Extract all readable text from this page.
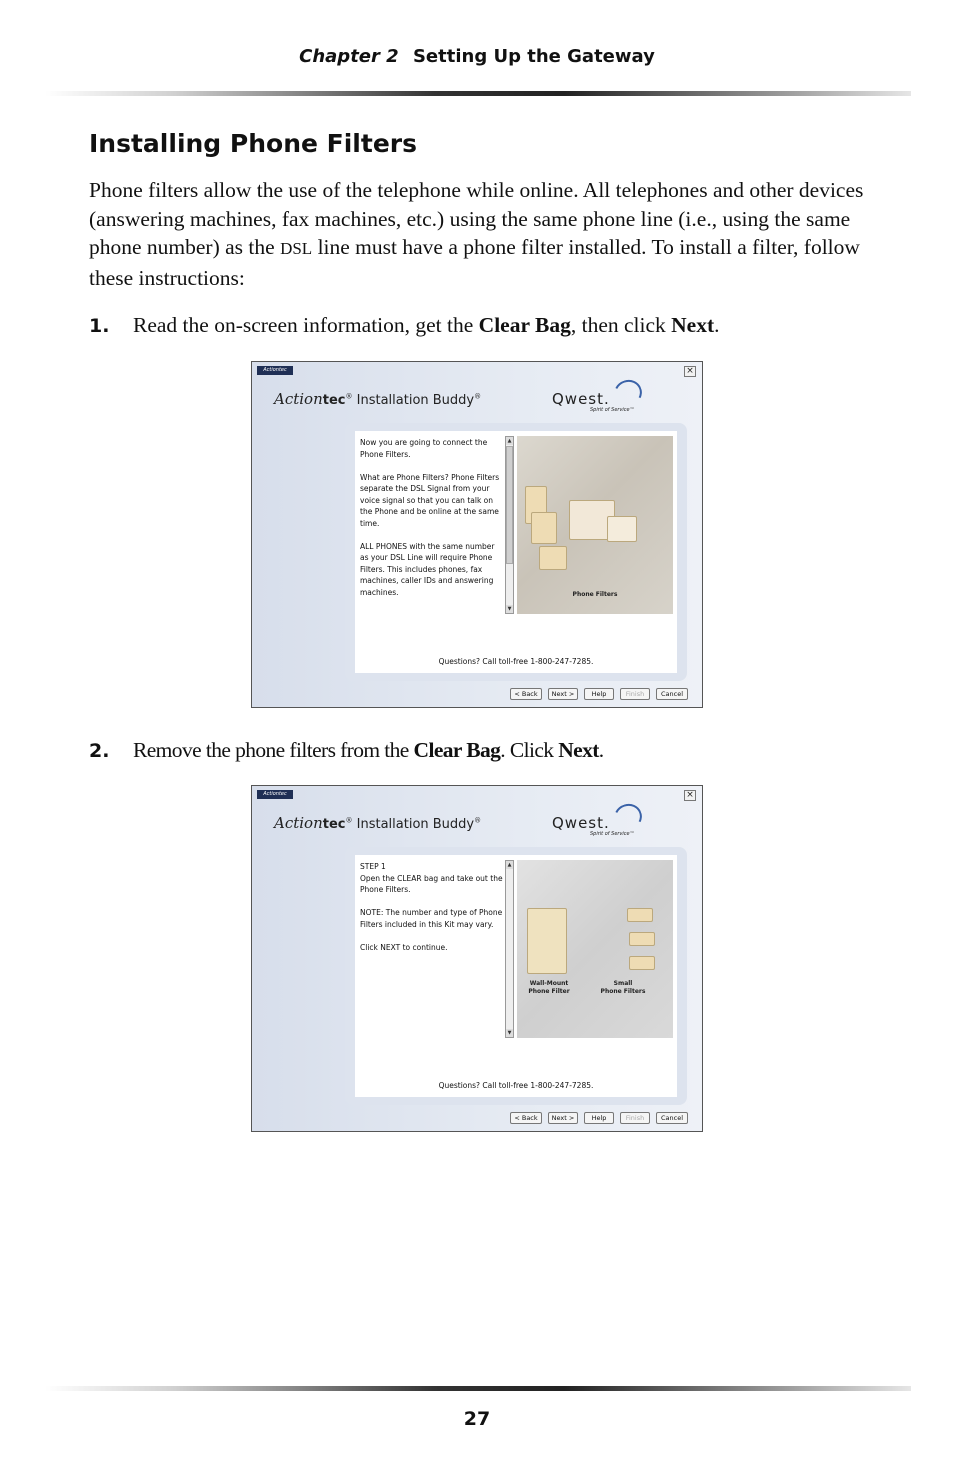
Chapter 2 Setting Up the Gateway
Installing Phone Filters

Phone filters allow the use of the telephone while online. All telephones and other devices (answering machines, fax machines, etc.) using the same phone line (i.e., using the same phone number) as the DSL line must have a phone filter installed. To install a filter, follow these instructions:

1. Read the on-screen information, get the Clear Bag, then click Next.
Actiontec	×
Actiontec® Installation Buddy®	Qwest.
Spirit of Service™
Now you are going to connect the Phone Filters.

What are Phone Filters? Phone Filters separate the DSL Signal from your voice signal so that you can talk on the Phone and be online at the same time.

ALL PHONES with the same number as your DSL Line will require Phone Filters. This includes phones, fax machines, caller IDs and answering machines.
▲
▼
Phone Filters
Questions? Call toll-free 1-800-247-7285.
< Back	Next >	Help	Finish	Cancel
2. Remove the phone filters from the Clear Bag. Click Next.
Actiontec	×
Actiontec® Installation Buddy®	Qwest.
Spirit of Service™
STEP 1
Open the CLEAR bag and take out the Phone Filters.

NOTE: The number and type of Phone Filters included in this Kit may vary.

Click NEXT to continue.
▲
▼
Wall-Mount
Phone Filter
Small
Phone Filters
Questions? Call toll-free 1-800-247-7285.
< Back	Next >	Help	Finish	Cancel
27
